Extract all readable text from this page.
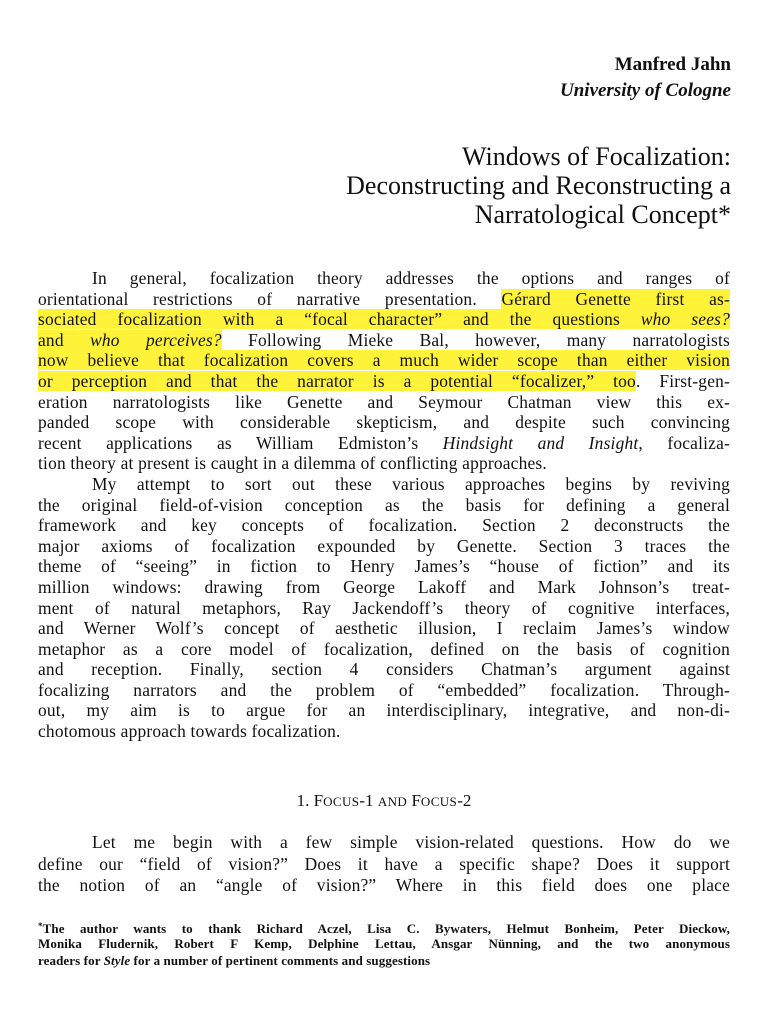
Manfred Jahn
University of Cologne
Windows of Focalization:
Deconstructing and Reconstructing a
Narratological Concept*
In general, focalization theory addresses the options and ranges of
orientational restrictions of narrative presentation. Gérard Genette first as-
sociated focalization with a “focal character” and the questions who sees?
and who perceives? Following Mieke Bal, however, many narratologists
now believe that focalization covers a much wider scope than either vision
or perception and that the narrator is a potential “focalizer,” too. First-gen-
eration narratologists like Genette and Seymour Chatman view this ex-
panded scope with considerable skepticism, and despite such convincing
recent applications as William Edmiston’s Hindsight and Insight, focaliza-
tion theory at present is caught in a dilemma of conflicting approaches.
My attempt to sort out these various approaches begins by reviving
the original field-of-vision conception as the basis for defining a general
framework and key concepts of focalization. Section 2 deconstructs the
major axioms of focalization expounded by Genette. Section 3 traces the
theme of “seeing” in fiction to Henry James’s “house of fiction” and its
million windows: drawing from George Lakoff and Mark Johnson’s treat-
ment of natural metaphors, Ray Jackendoff’s theory of cognitive interfaces,
and Werner Wolf’s concept of aesthetic illusion, I reclaim James’s window
metaphor as a core model of focalization, defined on the basis of cognition
and reception. Finally, section 4 considers Chatman’s argument against
focalizing narrators and the problem of “embedded” focalization. Through-
out, my aim is to argue for an interdisciplinary, integrative, and non-di-
chotomous approach towards focalization.
1. FOCUS-1 AND FOCUS-2
Let me begin with a few simple vision-related questions. How do we
define our “field of vision?” Does it have a specific shape? Does it support
the notion of an “angle of vision?” Where in this field does one place
*The author wants to thank Richard Aczel, Lisa C. Bywaters, Helmut Bonheim, Peter Dieckow,
Monika Fludernik, Robert F Kemp, Delphine Lettau, Ansgar Nünning, and the two anonymous
readers for Style for a number of pertinent comments and suggestions
